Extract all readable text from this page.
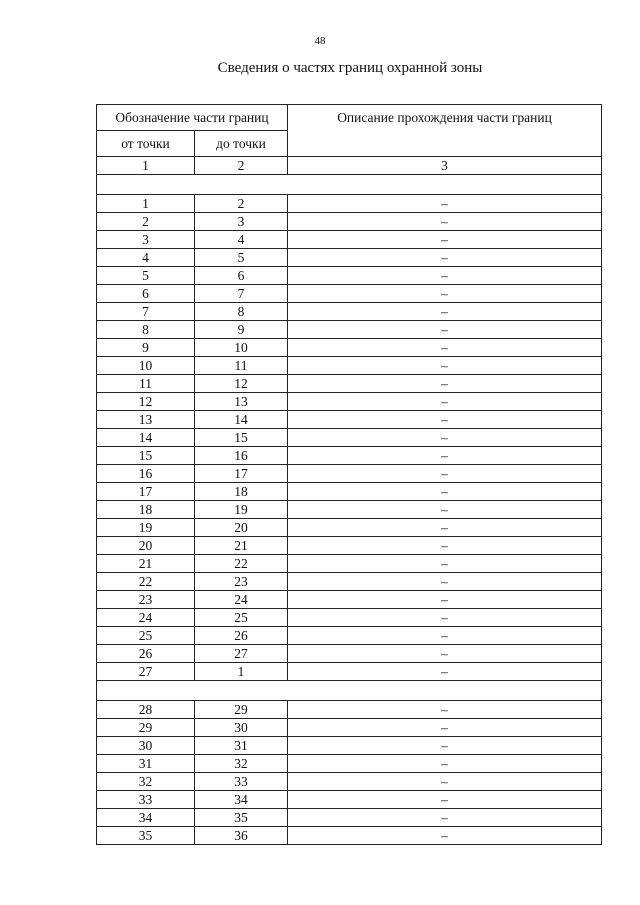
48
Сведения о частях границ охранной зоны
Обозначение части границ		Описание прохождения части границ
от точки	до точки	
1	2	3

1	2	–
2	3	–
3	4	–
4	5	–
5	6	–
6	7	–
7	8	–
8	9	–
9	10	–
10	11	–
11	12	–
12	13	–
13	14	–
14	15	–
15	16	–
16	17	–
17	18	–
18	19	–
19	20	–
20	21	–
21	22	–
22	23	–
23	24	–
24	25	–
25	26	–
26	27	–
27	1	–

28	29	–
29	30	–
30	31	–
31	32	–
32	33	–
33	34	–
34	35	–
35	36	–
